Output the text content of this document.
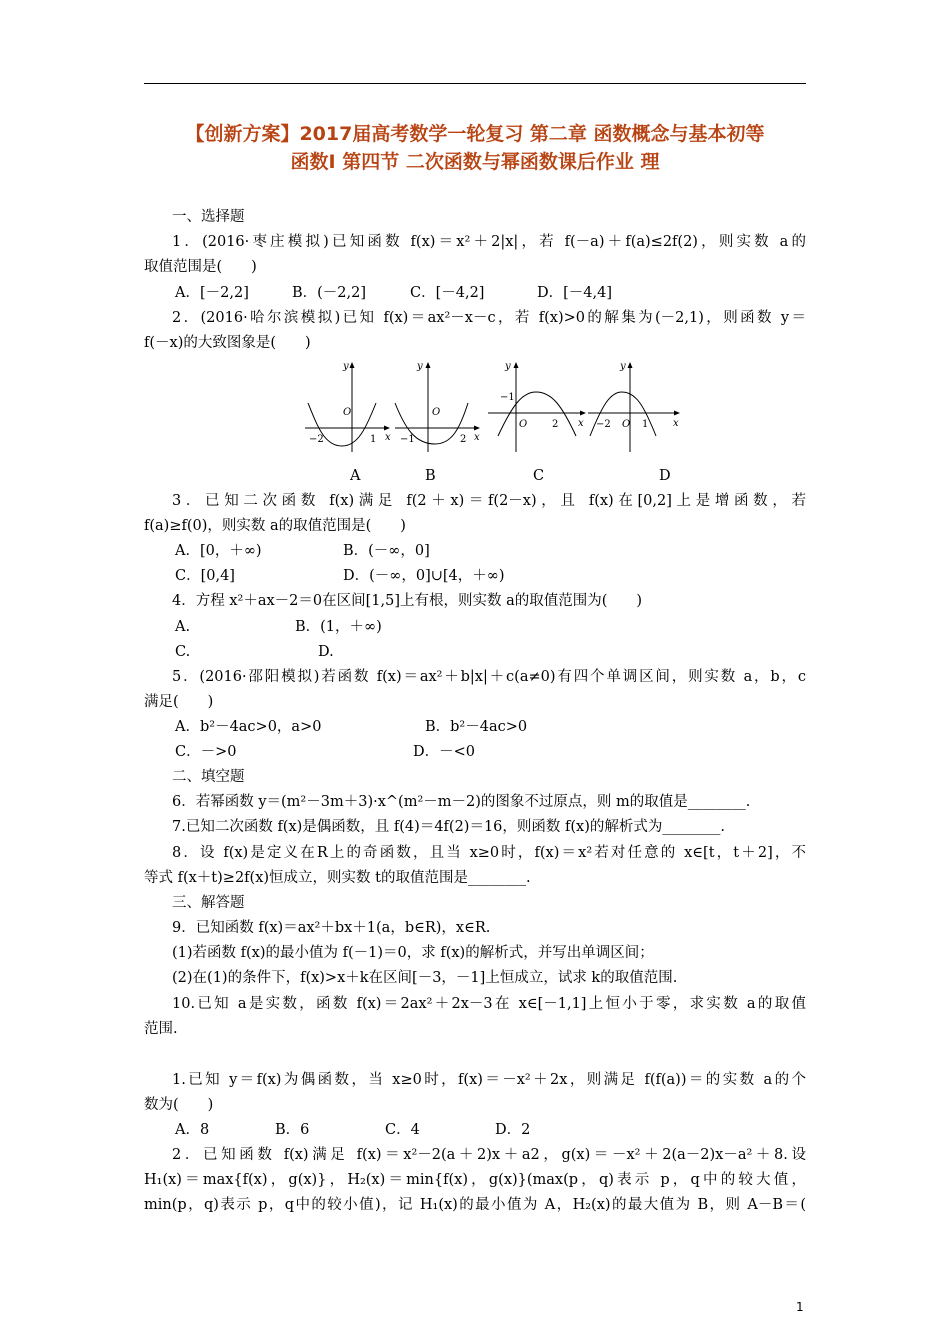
【创新方案】2017届高考数学一轮复习 第二章 函数概念与基本初等
函数Ⅰ 第四节 二次函数与幂函数课后作业 理
一、选择题
1．(2016·枣庄模拟)已知函数 f(x)＝x²＋2|x|，若 f(－a)＋f(a)≤2f(2)，则实数 a的
取值范围是(　　)
A．[－2,2]	B．(－2,2]	C．[－4,2]	D．[－4,4]
2．(2016·哈尔滨模拟)已知 f(x)＝ax²－x－c，若 f(x)>0的解集为(－2,1)，则函数 y＝
f(－x)的大致图象是(　　)
y
x
O
−2	1
y
x
O
−1	2
y
x
−1
O 2
y
x
−2 O 1
A	B	C	D
3．已知二次函数 f(x)满足 f(2＋x)＝f(2－x)，且 f(x)在[0,2]上是增函数，若
f(a)≥f(0)，则实数 a的取值范围是(　　)
A．[0，＋∞)	B．(－∞，0]
C．[0,4]	D．(－∞，0]∪[4，＋∞)
4．方程 x²＋ax－2＝0在区间[1,5]上有根，则实数 a的取值范围为(　　)
A.	B．(1，＋∞)
C.	D.
5．(2016·邵阳模拟)若函数 f(x)＝ax²＋b|x|＋c(a≠0)有四个单调区间，则实数 a，b，c
满足(　　)
A．b²－4ac>0，a>0	B．b²－4ac>0
C．－>0	D．－<0
二、填空题
6．若幂函数 y＝(m²－3m＋3)·x^(m²－m－2)的图象不过原点，则 m的取值是________.
7.已知二次函数 f(x)是偶函数，且 f(4)＝4f(2)＝16，则函数 f(x)的解析式为________.
8．设 f(x)是定义在R上的奇函数，且当 x≥0时，f(x)＝x²若对任意的 x∈[t，t＋2]，不
等式 f(x＋t)≥2f(x)恒成立，则实数 t的取值范围是________.
三、解答题
9．已知函数 f(x)＝ax²＋bx＋1(a，b∈R)，x∈R.
(1)若函数 f(x)的最小值为 f(－1)＝0，求 f(x)的解析式，并写出单调区间；
(2)在(1)的条件下，f(x)>x＋k在区间[－3，－1]上恒成立，试求 k的取值范围.
10.已知 a是实数，函数 f(x)＝2ax²＋2x－3在 x∈[－1,1]上恒小于零，求实数 a的取值
范围.
1.已知 y＝f(x)为偶函数，当 x≥0时，f(x)＝－x²＋2x，则满足 f(f(a))＝的实数 a的个
数为(　　)
A．8	B．6	C．4	D．2
2．已知函数 f(x)满足 f(x)＝x²－2(a＋2)x＋a2，g(x)＝－x²＋2(a－2)x－a²＋8.设
H₁(x)＝max{f(x)，g(x)}，H₂(x)＝min{f(x)，g(x)}(max(p，q)表示 p，q中的较大值，
min(p，q)表示 p，q中的较小值)，记 H₁(x)的最小值为 A，H₂(x)的最大值为 B，则 A－B＝(
1
